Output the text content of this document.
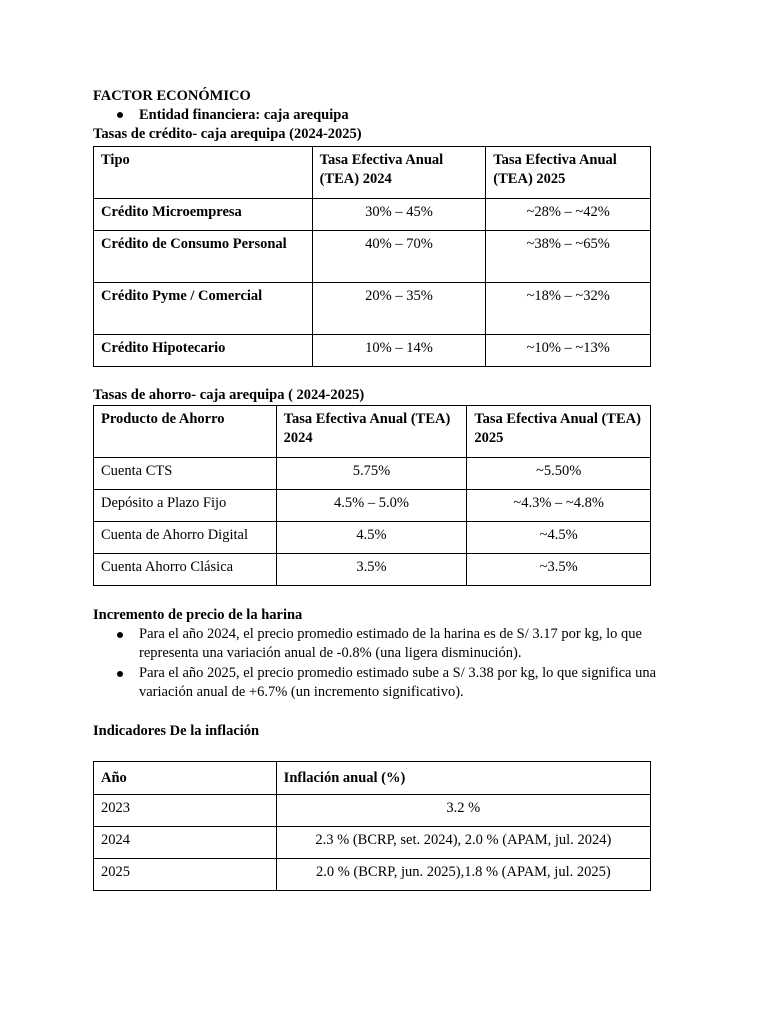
FACTOR ECONÓMICO
Entidad financiera: caja arequipa
Tasas de crédito- caja arequipa (2024-2025)
Tipo	Tasa Efectiva Anual (TEA) 2024	Tasa Efectiva Anual (TEA) 2025
Crédito Microempresa	30% – 45%	~28% – ~42%
Crédito de Consumo Personal	40% – 70%	~38% – ~65%
Crédito Pyme / Comercial	20% – 35%	~18% – ~32%
Crédito Hipotecario	10% – 14%	~10% – ~13%
Tasas de ahorro- caja arequipa ( 2024-2025)
Producto de Ahorro	Tasa Efectiva Anual (TEA) 2024	Tasa Efectiva Anual (TEA) 2025
Cuenta CTS	5.75%	~5.50%
Depósito a Plazo Fijo	4.5% – 5.0%	~4.3% – ~4.8%
Cuenta de Ahorro Digital	4.5%	~4.5%
Cuenta Ahorro Clásica	3.5%	~3.5%
Incremento de precio de la harina
Para el año 2024, el precio promedio estimado de la harina es de S/ 3.17 por kg, lo que representa una variación anual de -0.8% (una ligera disminución).
Para el año 2025, el precio promedio estimado sube a S/ 3.38 por kg, lo que significa una variación anual de +6.7% (un incremento significativo).
Indicadores De la inflación
Año	Inflación anual (%)
2023	3.2 %
2024	2.3 % (BCRP, set. 2024), 2.0 % (APAM, jul. 2024)
2025	2.0 % (BCRP, jun. 2025),1.8 % (APAM, jul. 2025)
